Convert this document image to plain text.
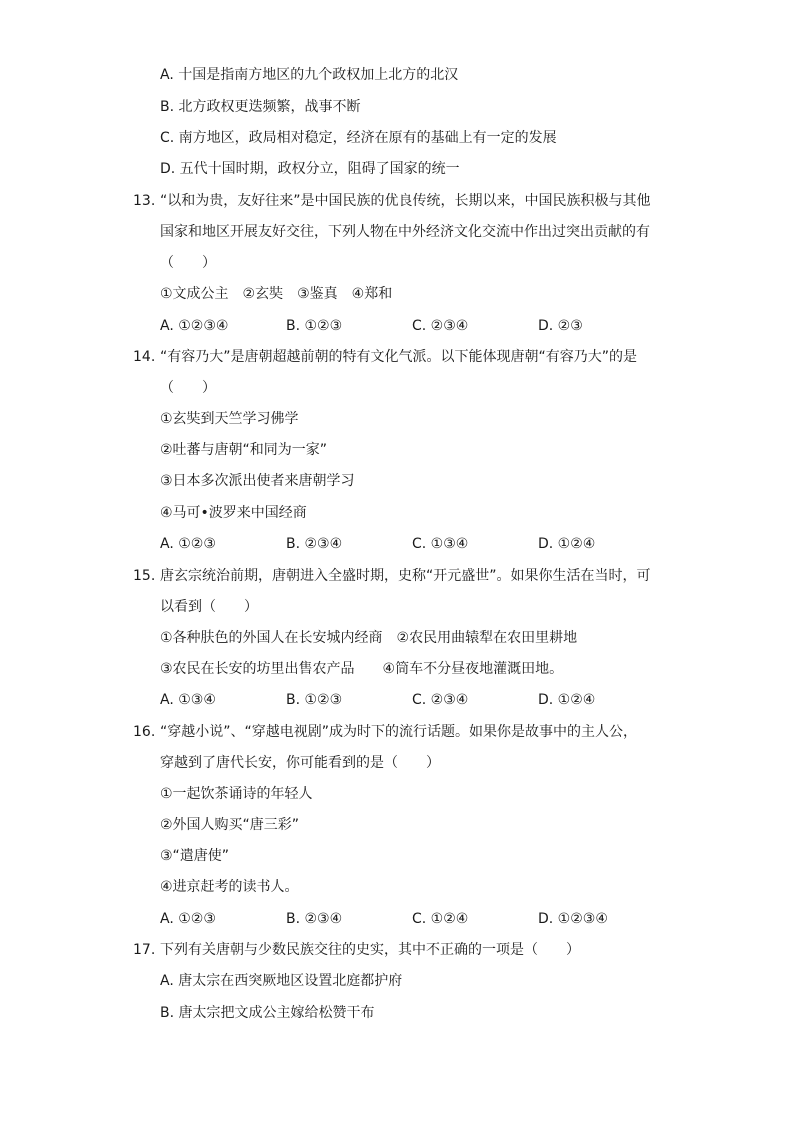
A. 十国是指南方地区的九个政权加上北方的北汉
B. 北方政权更迭频繁，战事不断
C. 南方地区，政局相对稳定，经济在原有的基础上有一定的发展
D. 五代十国时期，政权分立，阻碍了国家的统一
13. “以和为贵，友好往来”是中国民族的优良传统，长期以来，中国民族积极与其他
国家和地区开展友好交往，下列人物在中外经济文化交流中作出过突出贡献的有
（　　）
①文成公主　②玄奘　③鉴真　④郑和
A. ①②③④	B. ①②③	C. ②③④	D. ②③
14. “有容乃大”是唐朝超越前朝的特有文化气派。以下能体现唐朝“有容乃大”的是
（　　）
①玄奘到天竺学习佛学
②吐蕃与唐朝“和同为一家”
③日本多次派出使者来唐朝学习
④马可•波罗来中国经商
A. ①②③	B. ②③④	C. ①③④	D. ①②④
15. 唐玄宗统治前期，唐朝进入全盛时期，史称“开元盛世”。如果你生活在当时，可
以看到（　　）
①各种肤色的外国人在长安城内经商　②农民用曲辕犁在农田里耕地
③农民在长安的坊里出售农产品　　④筒车不分昼夜地灌溉田地。
A. ①③④	B. ①②③	C. ②③④	D. ①②④
16. “穿越小说”、“穿越电视剧”成为时下的流行话题。如果你是故事中的主人公，
穿越到了唐代长安，你可能看到的是（　　）
①一起饮茶诵诗的年轻人
②外国人购买“唐三彩”
③“遣唐使”
④进京赶考的读书人。
A. ①②③	B. ②③④	C. ①②④	D. ①②③④
17. 下列有关唐朝与少数民族交往的史实，其中不正确的一项是（　　）
A. 唐太宗在西突厥地区设置北庭都护府
B. 唐太宗把文成公主嫁给松赞干布
